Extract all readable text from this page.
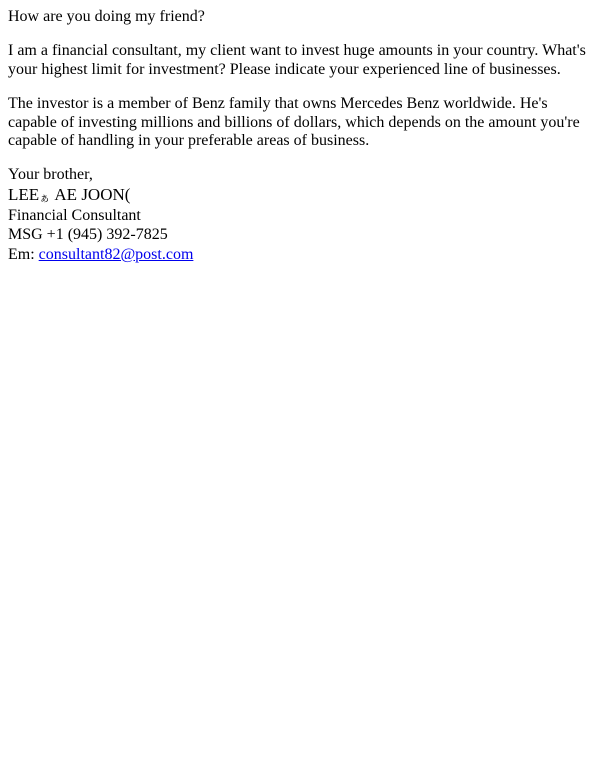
How are you doing my friend?

I am a financial consultant, my client want to invest huge amounts in your country. What's your highest limit for investment? Please indicate your experienced line of businesses.

The investor is a member of Benz family that owns Mercedes Benz worldwide. He's capable of investing millions and billions of dollars, which depends on the amount you're capable of handling in your preferable areas of business.

Your brother,

LEEぁ AE JOON(
Financial Consultant
MSG +1 (945) 392-7825
Em: consultant82@post.com
